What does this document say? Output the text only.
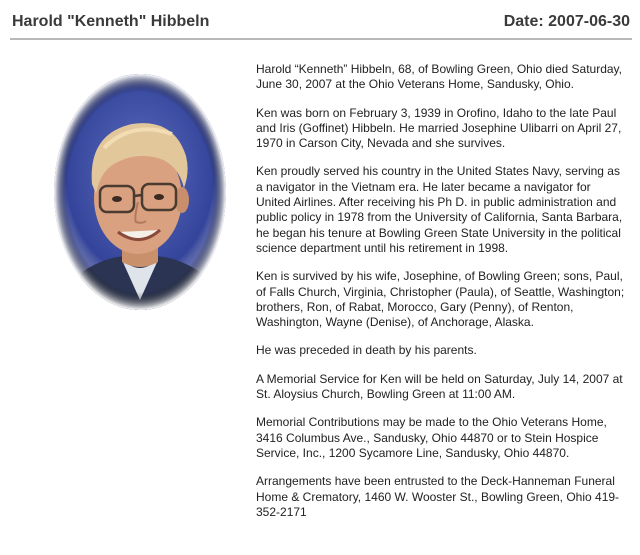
Harold "Kenneth" Hibbeln	Date: 2007-06-30

Harold “Kenneth” Hibbeln, 68, of Bowling Green, Ohio died Saturday, June 30, 2007 at the Ohio Veterans Home, Sandusky, Ohio.

Ken was born on February 3, 1939 in Orofino, Idaho to the late Paul and Iris (Goffinet) Hibbeln. He married Josephine Ulibarri on April 27, 1970 in Carson City, Nevada and she survives.

Ken proudly served his country in the United States Navy, serving as a navigator in the Vietnam era. He later became a navigator for United Airlines. After receiving his Ph D. in public administration and public policy in 1978 from the University of California, Santa Barbara, he began his tenure at Bowling Green State University in the political science department until his retirement in 1998.

Ken is survived by his wife, Josephine, of Bowling Green; sons, Paul, of Falls Church, Virginia, Christopher (Paula), of Seattle, Washington; brothers, Ron, of Rabat, Morocco, Gary (Penny), of Renton, Washington, Wayne (Denise), of Anchorage, Alaska.

He was preceded in death by his parents.

A Memorial Service for Ken will be held on Saturday, July 14, 2007 at St. Aloysius Church, Bowling Green at 11:00 AM.

Memorial Contributions may be made to the Ohio Veterans Home, 3416 Columbus Ave., Sandusky, Ohio 44870 or to Stein Hospice Service, Inc., 1200 Sycamore Line, Sandusky, Ohio 44870.

Arrangements have been entrusted to the Deck-Hanneman Funeral Home & Crematory, 1460 W. Wooster St., Bowling Green, Ohio 419-352-2171
